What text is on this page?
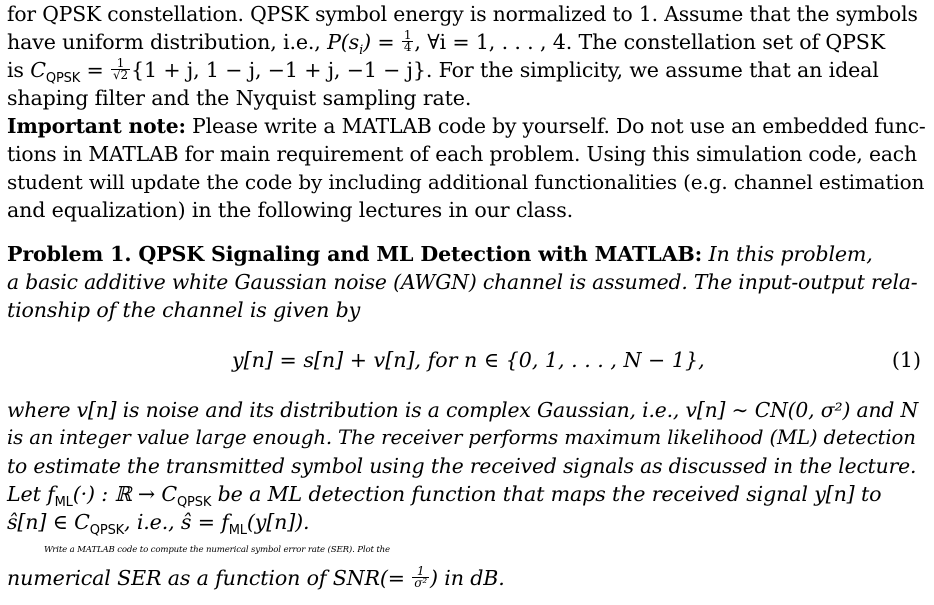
for QPSK constellation. QPSK symbol energy is normalized to 1. Assume that the symbols
have uniform distribution, i.e., $P(s_i) = \frac{1}{4}$ , ∀i = 1, . . . , 4. The constellation set of QPSK
is $C_{QPSK} = \frac{1}{√2} \{1 + j$, 1 − j, −1 + j, −1 − j}. For the simplicity, we assume that an ideal
shaping filter and the Nyquist sampling rate.
Important note: Please write a MATLAB code by yourself. Do not use an embedded func-
tions in MATLAB for main requirement of each problem. Using this simulation code, each
student will update the code by including additional functionalities (e.g. channel estimation
and equalization) in the following lectures in our class.
Problem 1. QPSK Signaling and ML Detection with MATLAB: In this problem,
a basic additive white Gaussian noise (AWGN) channel is assumed. The input-output rela-
tionship of the channel is given by
y[n] = s[n] + v[n], for n ∈ {0, 1, . . . , N − 1},	(1)
where v[n] is noise and its distribution is a complex Gaussian, i.e., v[n] ∼ CN(0, σ²) and N
is an integer value large enough. The receiver performs maximum likelihood (ML) detection
to estimate the transmitted symbol using the received signals as discussed in the lecture.
Let $f_{ML}(\cdot)$ : ℝ → $C_{QPSK}$ be a ML detection function that maps the received signal y[n] to
ŝ[n] ∈ $C_{QPSK}$, i.e., ŝ = $f_{ML}(y[n])$.
Write a MATLAB code to compute the numerical symbol error rate (SER). Plot the
numerical SER as a function of $SNR(= \frac{1}{\text{σ²}}$ ) in dB.
